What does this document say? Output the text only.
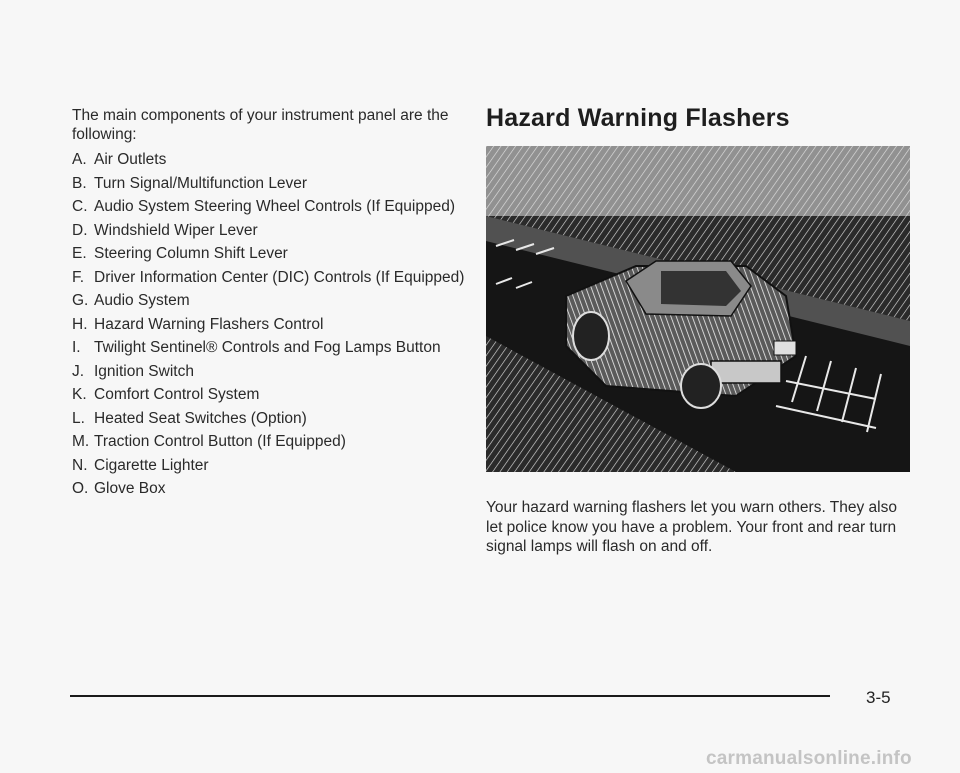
The main components of your instrument panel are the following:

A. Air Outlets
B. Turn Signal/Multifunction Lever
C. Audio System Steering Wheel Controls (If Equipped)
D. Windshield Wiper Lever
E. Steering Column Shift Lever
F. Driver Information Center (DIC) Controls (If Equipped)
G. Audio System
H. Hazard Warning Flashers Control
I. Twilight Sentinel® Controls and Fog Lamps Button
J. Ignition Switch
K. Comfort Control System
L. Heated Seat Switches (Option)
M. Traction Control Button (If Equipped)
N. Cigarette Lighter
O. Glove Box
Hazard Warning Flashers

Your hazard warning flashers let you warn others. They also let police know you have a problem. Your front and rear turn signal lamps will flash on and off.

3-5
carmanualsonline.info
